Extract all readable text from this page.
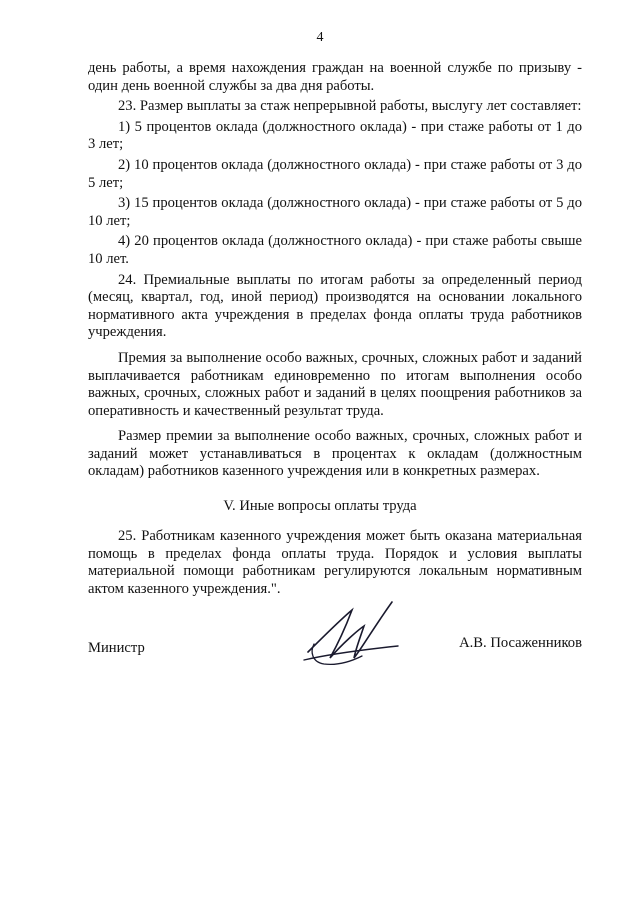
4

день работы, а время нахождения граждан на военной службе по призыву - один день военной службы за два дня работы.

23. Размер выплаты за стаж непрерывной работы, выслугу лет составляет:

1) 5 процентов оклада (должностного оклада) - при стаже работы от 1 до 3 лет;

2) 10 процентов оклада (должностного оклада) - при стаже работы от 3 до 5 лет;

3) 15 процентов оклада (должностного оклада) - при стаже работы от 5 до 10 лет;

4) 20 процентов оклада (должностного оклада) - при стаже работы свыше 10 лет.

24. Премиальные выплаты по итогам работы за определенный период (месяц, квартал, год, иной период) производятся на основании локального нормативного акта учреждения в пределах фонда оплаты труда работников учреждения.

Премия за выполнение особо важных, срочных, сложных работ и заданий выплачивается работникам единовременно по итогам выполнения особо важных, срочных, сложных работ и заданий в целях поощрения работников за оперативность и качественный результат труда.

Размер премии за выполнение особо важных, срочных, сложных работ и заданий может устанавливаться в процентах к окладам (должностным окладам) работников казенного учреждения или в конкретных размерах.

V. Иные вопросы оплаты труда

25. Работникам казенного учреждения может быть оказана материальная помощь в пределах фонда оплаты труда. Порядок и условия выплаты материальной помощи работникам регулируются локальным нормативным актом казенного учреждения.".

Министр	А.В. Посаженников
